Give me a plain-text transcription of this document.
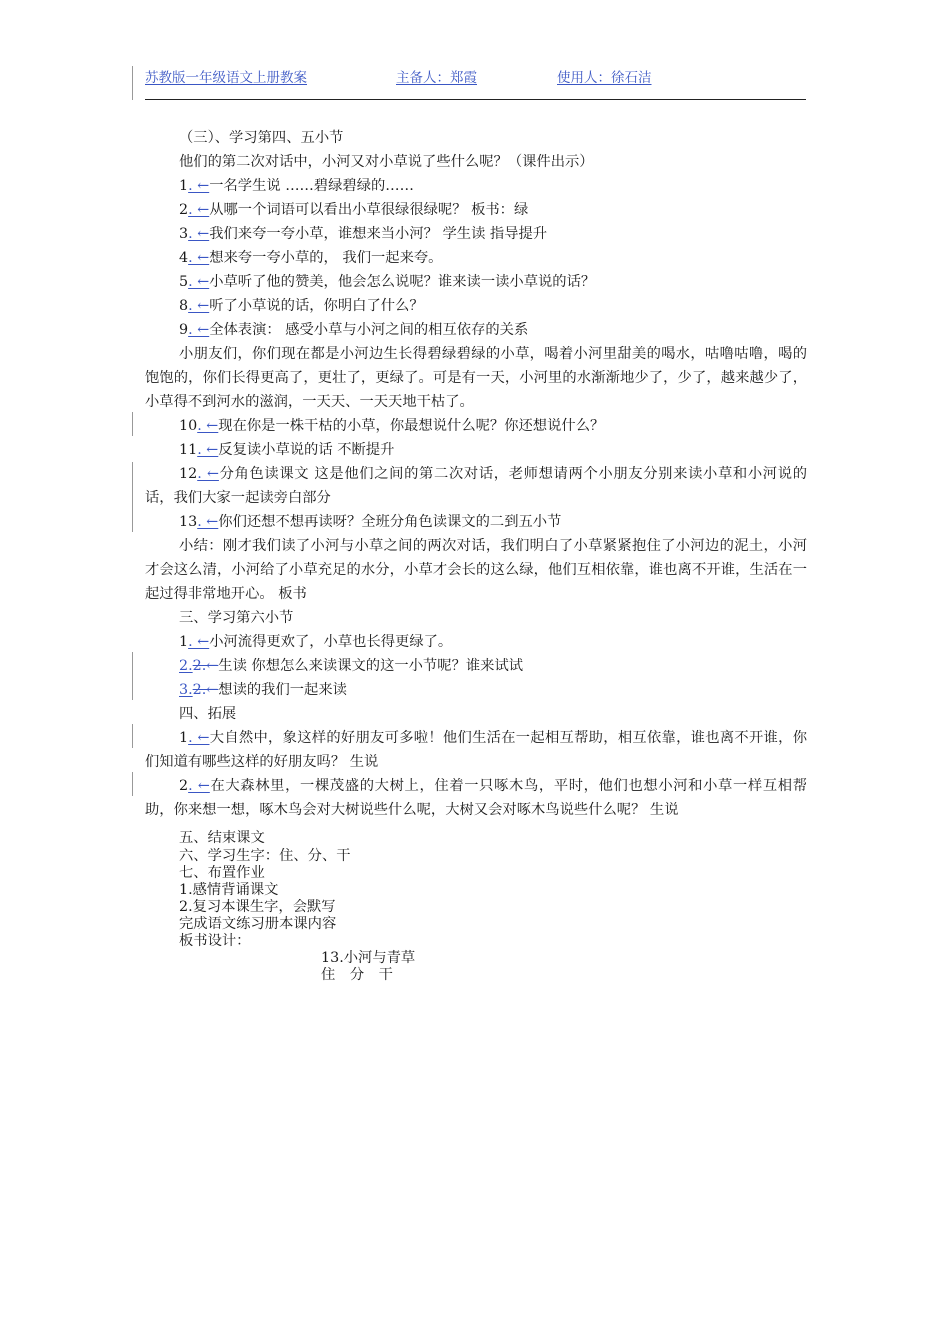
苏教版一年级语文上册教案	主备人：郑霞	使用人：徐石洁
（三）、学习第四、五小节
他们的第二次对话中，小河又对小草说了些什么呢？（课件出示）
1. ←一名学生说 ……碧绿碧绿的……
2. ←从哪一个词语可以看出小草很绿很绿呢？ 板书：绿
3. ←我们来夸一夸小草，谁想来当小河？ 学生读 指导提升
4. ←想来夸一夸小草的， 我们一起来夸。
5. ←小草听了他的赞美，他会怎么说呢？谁来读一读小草说的话？
8. ←听了小草说的话，你明白了什么？
9. ←全体表演： 感受小草与小河之间的相互依存的关系
小朋友们，你们现在都是小河边生长得碧绿碧绿的小草，喝着小河里甜美的喝水，咕噜咕噜，喝的饱饱的，你们长得更高了，更壮了，更绿了。可是有一天，小河里的水渐渐地少了，少了，越来越少了，小草得不到河水的滋润，一天天、一天天地干枯了。
10. ←现在你是一株干枯的小草，你最想说什么呢？你还想说什么？
11. ←反复读小草说的话 不断提升
12. ←分角色读课文 这是他们之间的第二次对话，老师想请两个小朋友分别来读小草和小河说的话，我们大家一起读旁白部分
13. ←你们还想不想再读呀？全班分角色读课文的二到五小节
小结：刚才我们读了小河与小草之间的两次对话，我们明白了小草紧紧抱住了小河边的泥土，小河才会这么清，小河给了小草充足的水分，小草才会长的这么绿，他们互相依靠，谁也离不开谁，生活在一起过得非常地开心。 板书
三、学习第六小节
1. ←小河流得更欢了，小草也长得更绿了。
2.2.←生读 你想怎么来读课文的这一小节呢？谁来试试
3.2.←想读的我们一起来读
四、拓展
1. ←大自然中，象这样的好朋友可多啦！他们生活在一起相互帮助，相互依靠，谁也离不开谁，你们知道有哪些这样的好朋友吗？ 生说
2. ←在大森林里，一棵茂盛的大树上，住着一只啄木鸟，平时，他们也想小河和小草一样互相帮助，你来想一想，啄木鸟会对大树说些什么呢，大树又会对啄木鸟说些什么呢？ 生说
五、结束课文
六、学习生字：住、分、干
七、布置作业
1.感情背诵课文
2.复习本课生字，会默写
完成语文练习册本课内容
板书设计：
13.小河与青草
住 分 干
